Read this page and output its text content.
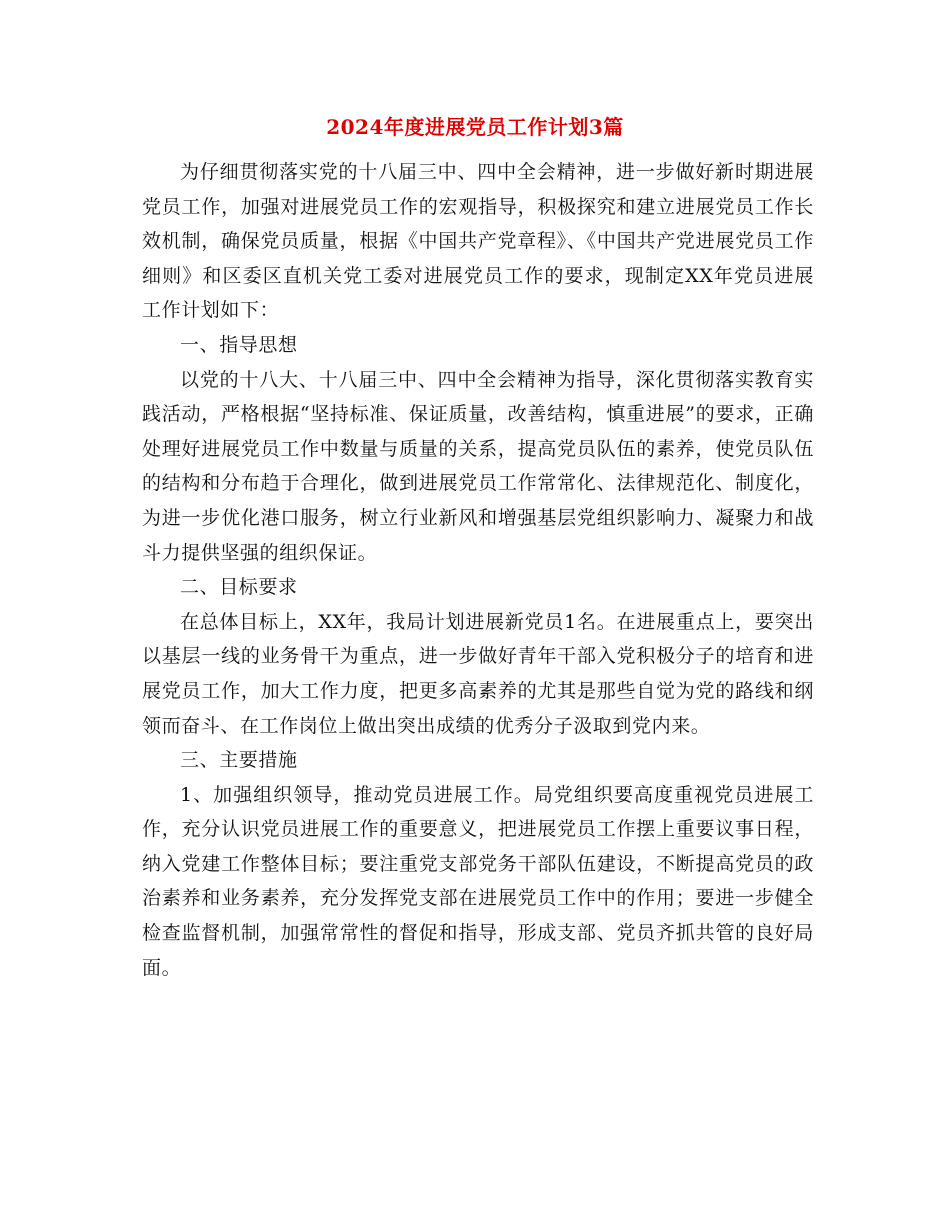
2024年度进展党员工作计划3篇

为仔细贯彻落实党的十八届三中、四中全会精神，进一步做好新时期进展党员工作，加强对进展党员工作的宏观指导，积极探究和建立进展党员工作长效机制，确保党员质量，根据《中国共产党章程》、《中国共产党进展党员工作细则》和区委区直机关党工委对进展党员工作的要求，现制定XX年党员进展工作计划如下：

一、指导思想

以党的十八大、十八届三中、四中全会精神为指导，深化贯彻落实教育实践活动，严格根据“坚持标准、保证质量，改善结构，慎重进展”的要求，正确处理好进展党员工作中数量与质量的关系，提高党员队伍的素养，使党员队伍的结构和分布趋于合理化，做到进展党员工作常常化、法律规范化、制度化，为进一步优化港口服务，树立行业新风和增强基层党组织影响力、凝聚力和战斗力提供坚强的组织保证。

二、目标要求

在总体目标上，XX年，我局计划进展新党员1名。在进展重点上，要突出以基层一线的业务骨干为重点，进一步做好青年干部入党积极分子的培育和进展党员工作，加大工作力度，把更多高素养的尤其是那些自觉为党的路线和纲领而奋斗、在工作岗位上做出突出成绩的优秀分子汲取到党内来。

三、主要措施

1、加强组织领导，推动党员进展工作。局党组织要高度重视党员进展工作，充分认识党员进展工作的重要意义，把进展党员工作摆上重要议事日程，纳入党建工作整体目标；要注重党支部党务干部队伍建设，不断提高党员的政治素养和业务素养，充分发挥党支部在进展党员工作中的作用；要进一步健全检查监督机制，加强常常性的督促和指导，形成支部、党员齐抓共管的良好局面。
